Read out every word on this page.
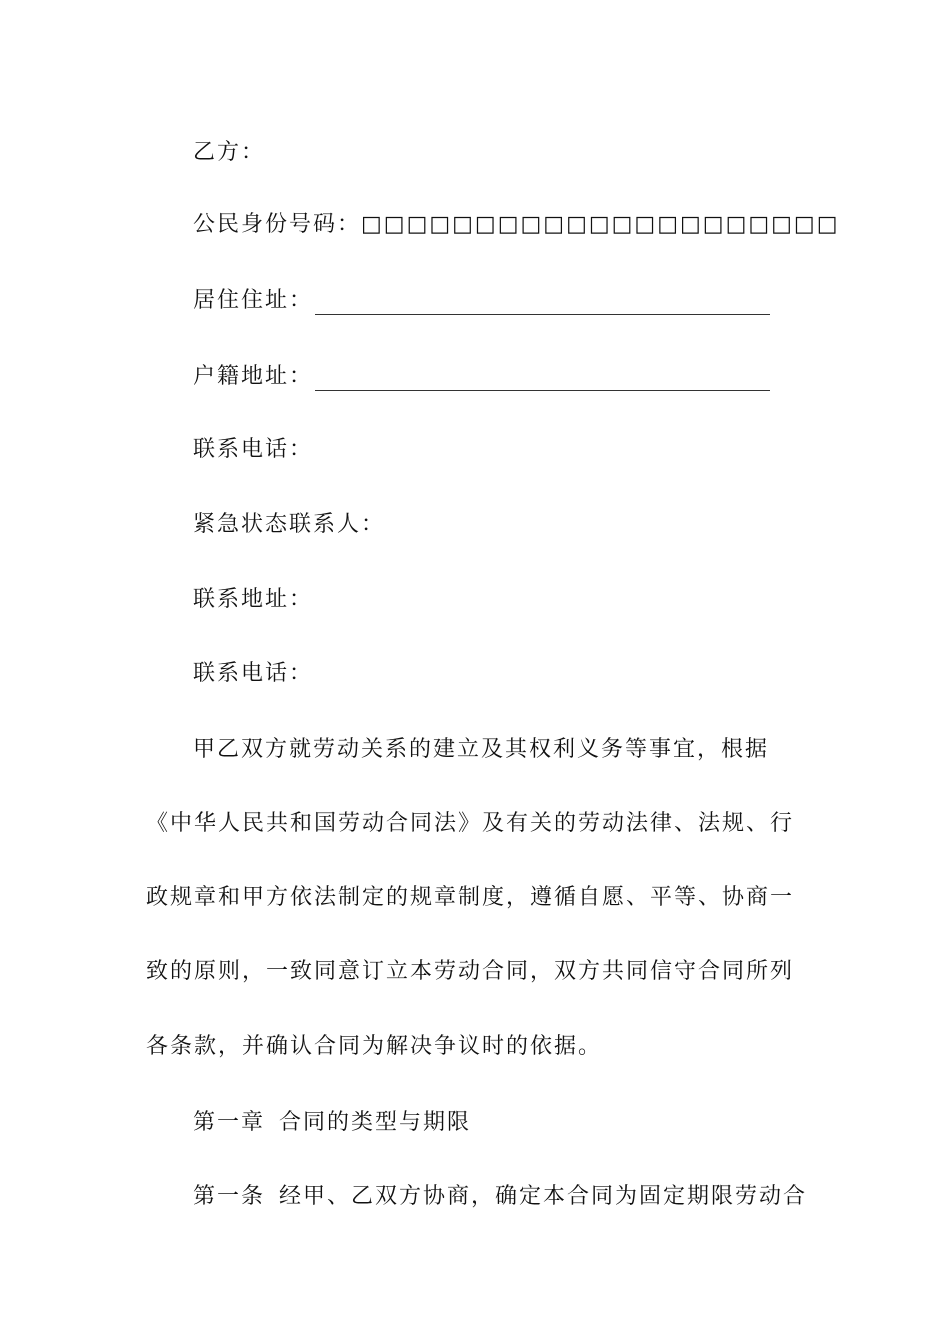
乙方：
公民身份号码：□□□□□□□□□□□□□□□□□□□□□
居住住址：
户籍地址：
联系电话：
紧急状态联系人：
联系地址：
联系电话：
甲乙双方就劳动关系的建立及其权利义务等事宜，根据
《中华人民共和国劳动合同法》及有关的劳动法律、法规、行
政规章和甲方依法制定的规章制度，遵循自愿、平等、协商一
致的原则，一致同意订立本劳动合同，双方共同信守合同所列
各条款，并确认合同为解决争议时的依据。
第一章 合同的类型与期限
第一条 经甲、乙双方协商，确定本合同为固定期限劳动合
